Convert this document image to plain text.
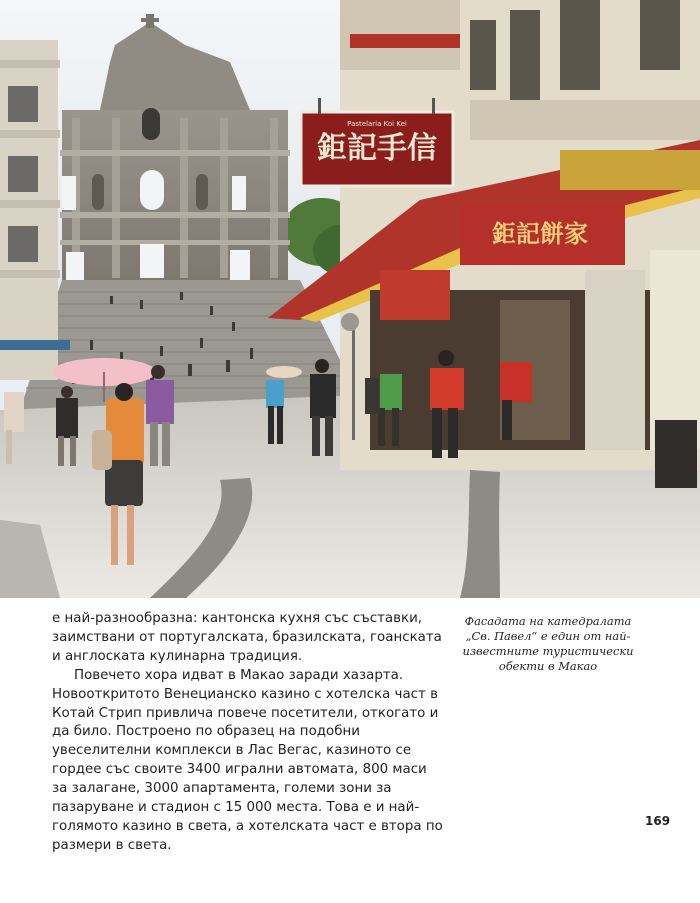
鉅記手信
Pastelaria Koi Kei
鉅記餅家

е най-разнообразна: кантонска кухня със съставки, заимствани от португалската, бразилската, гоанската и англоската кулинарна традиция.

Повечето хора идват в Макао заради хазарта. Новооткритото Венецианско казино с хотелска част в Котай Стрип привлича повече посетители, откогато и да било. Построено по образец на подобни увеселителни комплекси в Лас Вегас, казиното се гордее със своите 3400 игрални автомата, 800 маси за залагане, 3000 апартамента, големи зони за пазаруване и стадион с 15 000 места. Това е и най-голямото казино в света, а хотелската част е втора по размери в света.

Фасадата на катедралата „Св. Павел“ е един от най-известните туристически обекти в Макао
169
